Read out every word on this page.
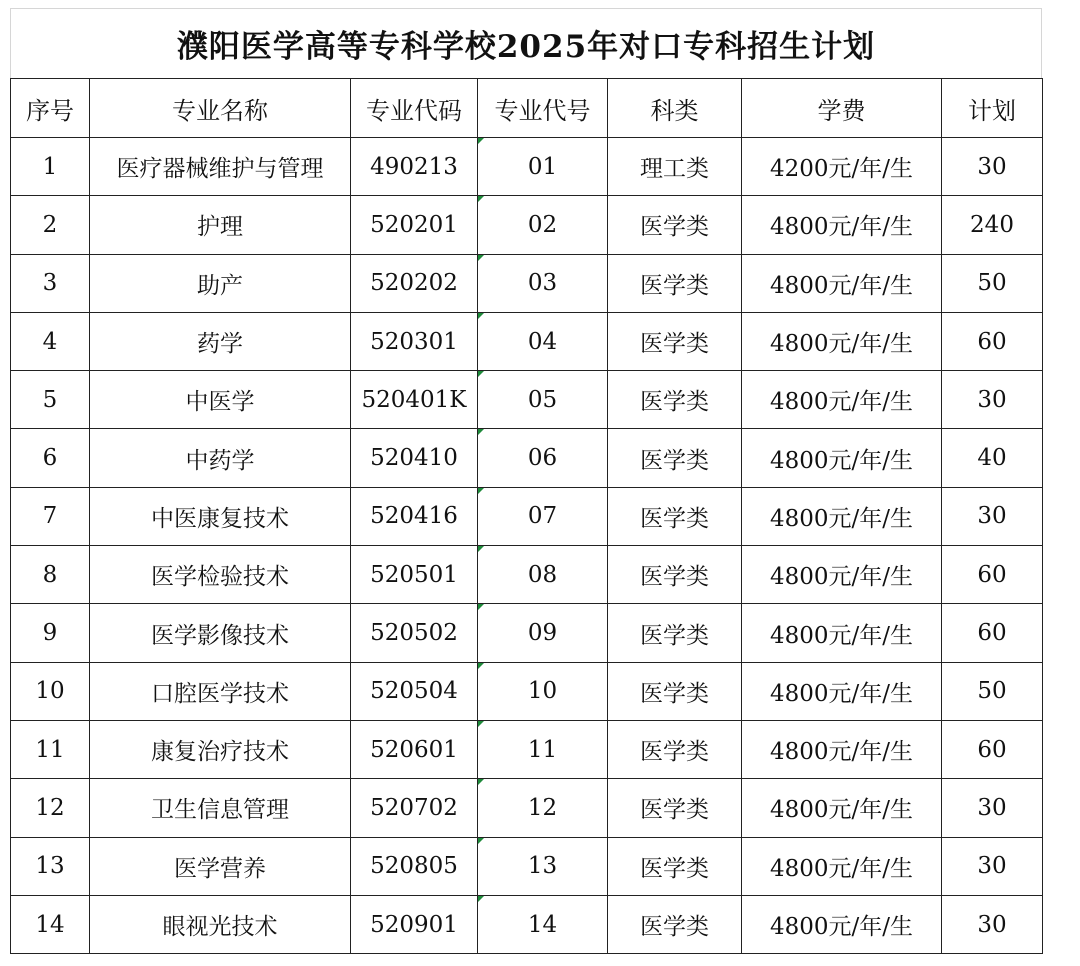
濮阳医学高等专科学校2025年对口专科招生计划
序号	专业名称	专业代码	专业代号	科类	学费	计划
1	医疗器械维护与管理	490213	01	理工类	4200元/年/生	30
2	护理	520201	02	医学类	4800元/年/生	240
3	助产	520202	03	医学类	4800元/年/生	50
4	药学	520301	04	医学类	4800元/年/生	60
5	中医学	520401K	05	医学类	4800元/年/生	30
6	中药学	520410	06	医学类	4800元/年/生	40
7	中医康复技术	520416	07	医学类	4800元/年/生	30
8	医学检验技术	520501	08	医学类	4800元/年/生	60
9	医学影像技术	520502	09	医学类	4800元/年/生	60
10	口腔医学技术	520504	10	医学类	4800元/年/生	50
11	康复治疗技术	520601	11	医学类	4800元/年/生	60
12	卫生信息管理	520702	12	医学类	4800元/年/生	30
13	医学营养	520805	13	医学类	4800元/年/生	30
14	眼视光技术	520901	14	医学类	4800元/年/生	30
